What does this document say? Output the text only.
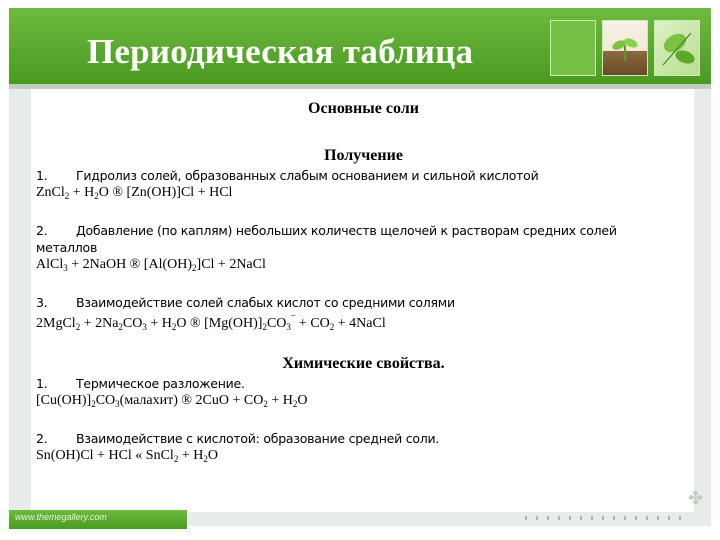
Периодическая таблица
www.themegallery.com
✤
Основные соли
Получение
1. Гидролиз солей, образованных слабым основанием и сильной кислотой
ZnCl$_2$ + $H_2O$ ® [Zn(OH)]Cl + HCl
2. Добавление (по каплям) небольших количеств щелочей к растворам средних солей
металлов
AlCl$_3$ + 2NaOH ® $[Al(OH)_2]Cl$ + 2NaCl
3. Взаимодействие солей слабых кислот со средними солями
2MgCl$_2$ + $2Na_2CO_3 + H_2O$ ® $[Mg(OH)]_2CO_3^¯ + CO_2$ + 4NaCl
Химические свойства.
1. Термическое разложение.
$[Cu(OH)]_2CO_3(малахит)$ ® $2CuO + CO_2 + H_2O$
2. Взаимодействие с кислотой: образование средней соли.
Sn(OH)Cl + HCl « SnCl$_2$ + $H_2O$
